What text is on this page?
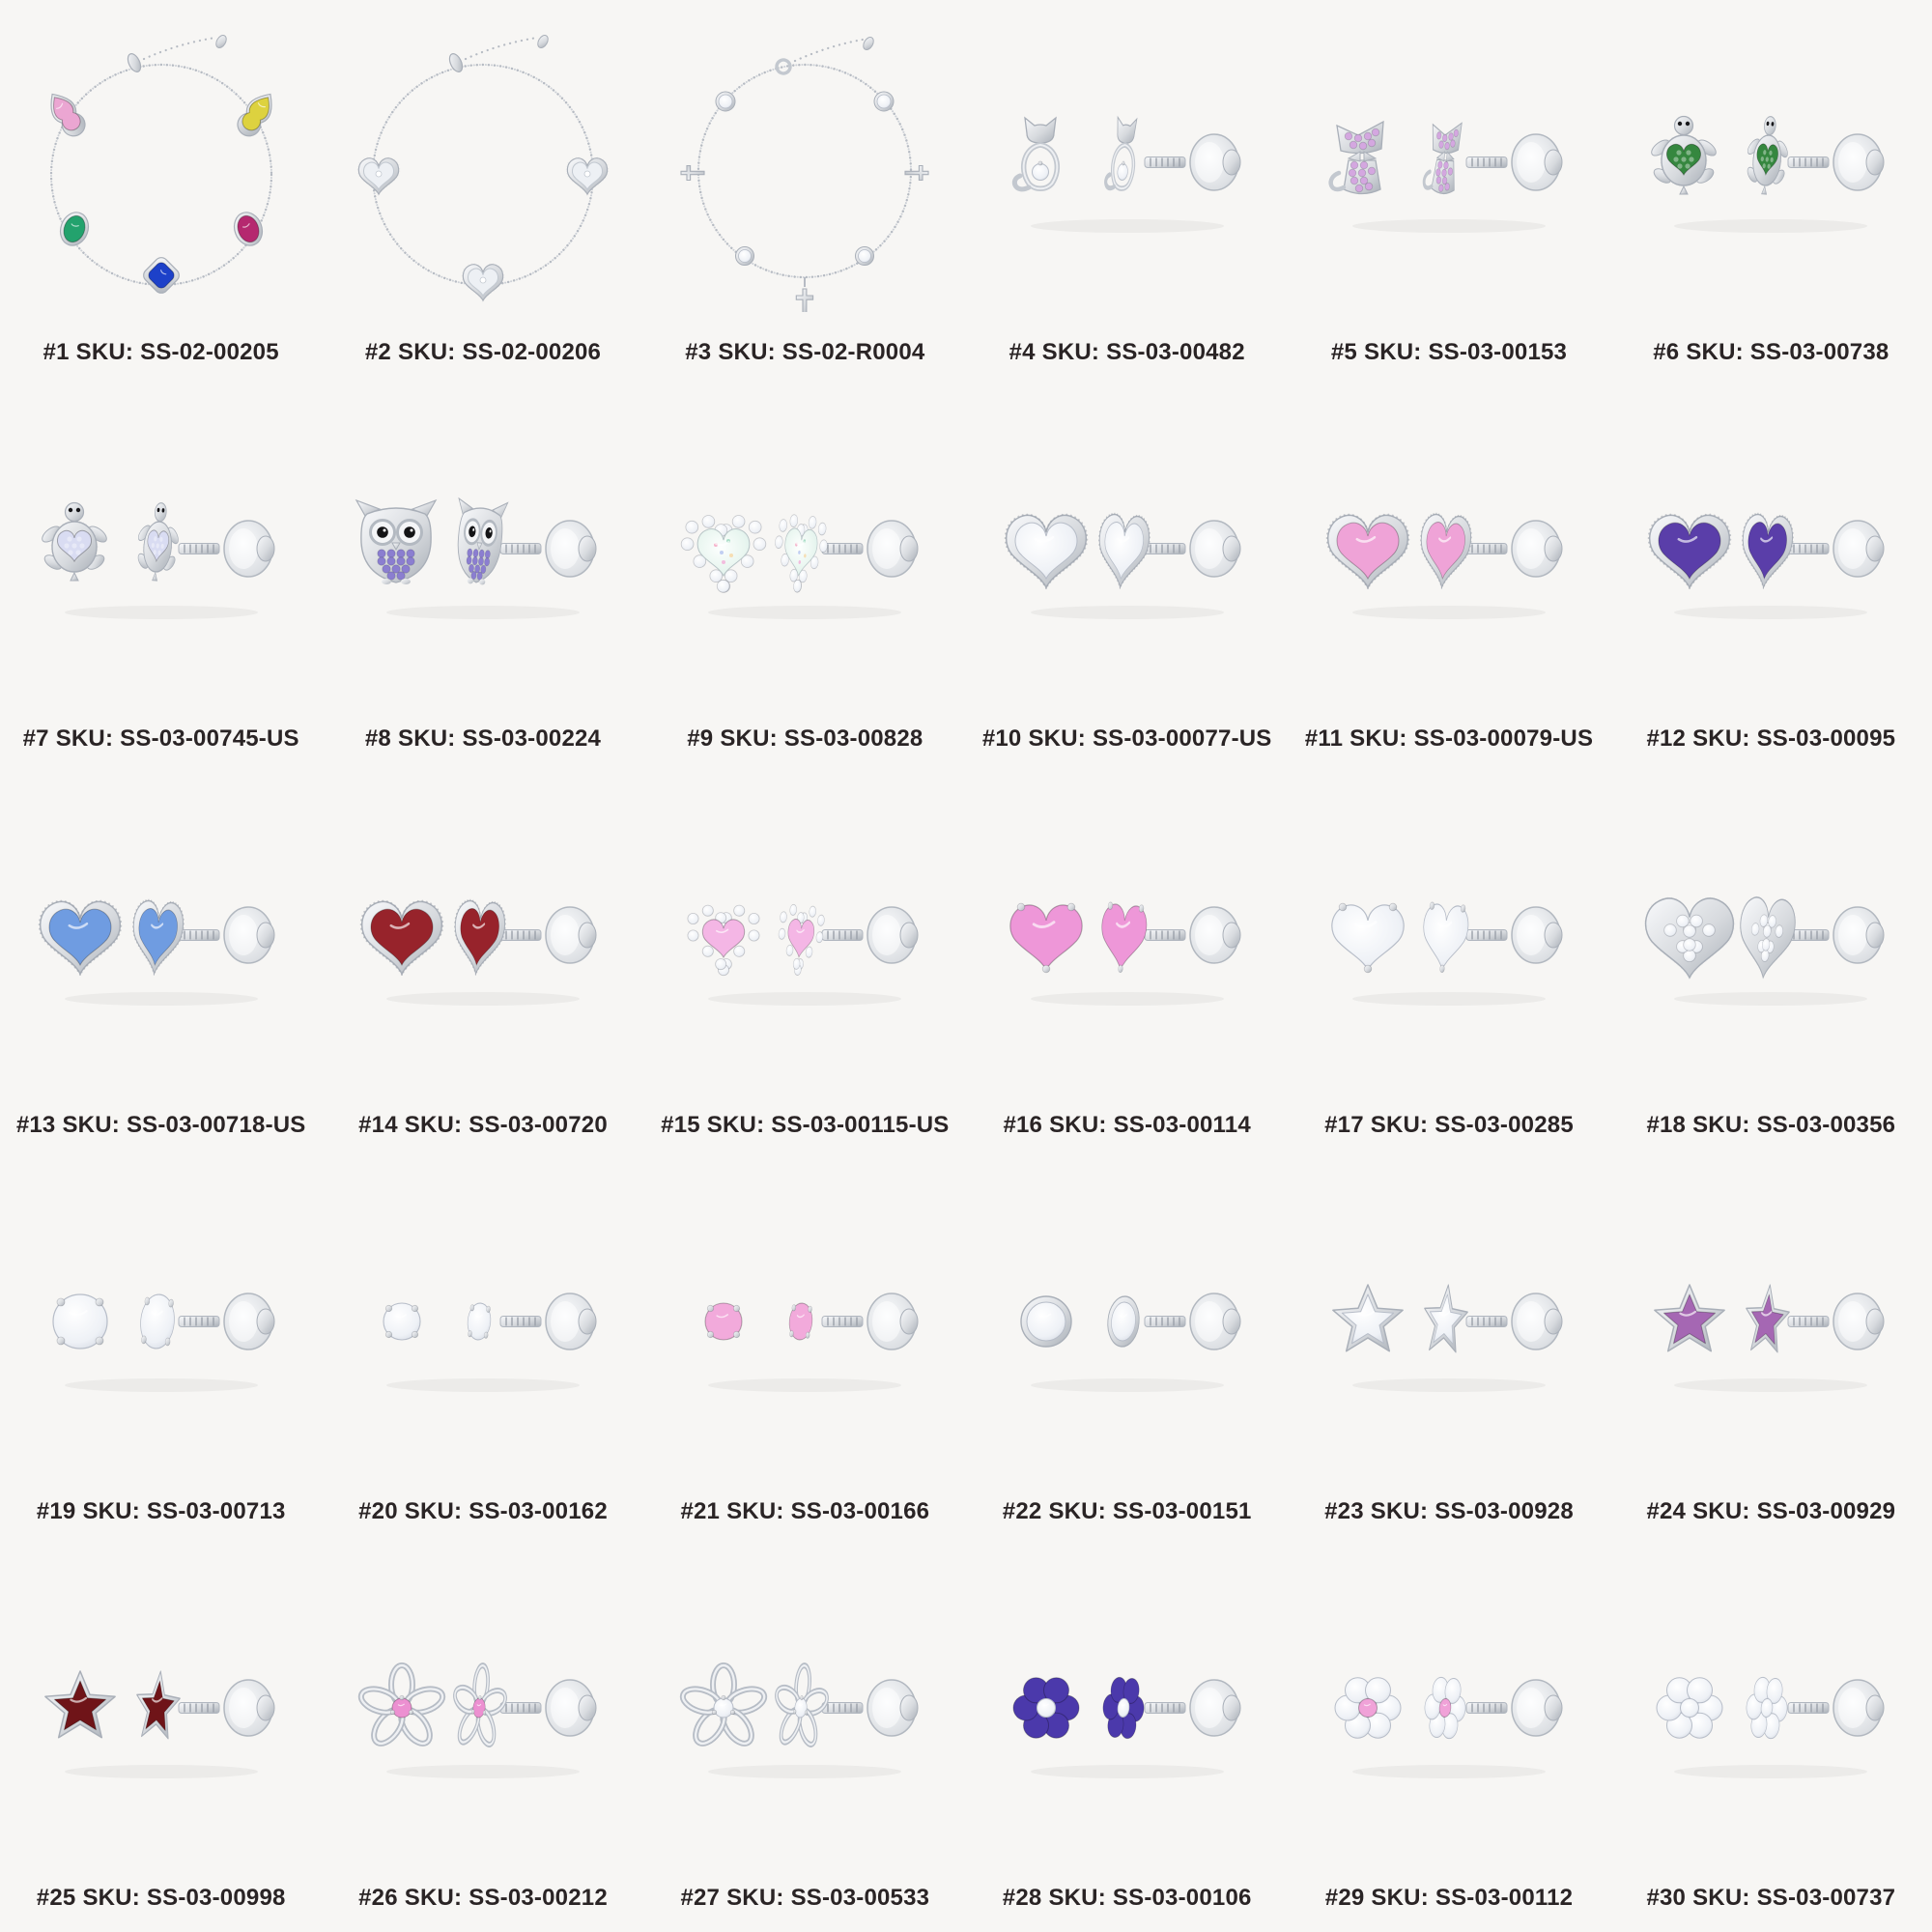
#1 SKU: SS-02-00205	#2 SKU: SS-02-00206	#3 SKU: SS-02-R0004	#4 SKU: SS-03-00482	#5 SKU: SS-03-00153	#6 SKU: SS-03-00738
#7 SKU: SS-03-00745-US	#8 SKU: SS-03-00224	#9 SKU: SS-03-00828	#10 SKU: SS-03-00077-US #11 SKU: SS-03-00079-US #12 SKU: SS-03-00095
#13 SKU: SS-03-00718-US #14 SKU: SS-03-00720 #15 SKU: SS-03-00115-US #16 SKU: SS-03-00114	#17 SKU: SS-03-00285	#18 SKU: SS-03-00356
#19 SKU: SS-03-00713	#20 SKU: SS-03-00162	#21 SKU: SS-03-00166	#22 SKU: SS-03-00151	#23 SKU: SS-03-00928	#24 SKU: SS-03-00929
#25 SKU: SS-03-00998	#26 SKU: SS-03-00212	#27 SKU: SS-03-00533	#28 SKU: SS-03-00106	#29 SKU: SS-03-00112	#30 SKU: SS-03-00737
